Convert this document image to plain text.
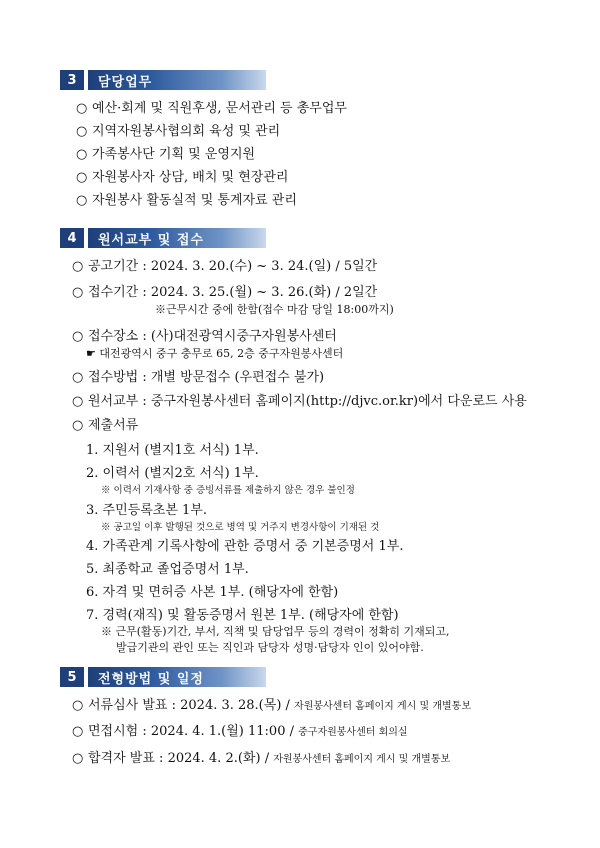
3	담당업무
○ 예산·회계 및 직원후생, 문서관리 등 총무업무
○ 지역자원봉사협의회 육성 및 관리
○ 가족봉사단 기획 및 운영지원
○ 자원봉사자 상담, 배치 및 현장관리
○ 자원봉사 활동실적 및 통계자료 관리
4	원서교부 및 접수
○ 공고기간 : 2024. 3. 20.(수) ~ 3. 24.(일) / 5일간
○ 접수기간 : 2024. 3. 25.(월) ~ 3. 26.(화) / 2일간
※근무시간 중에 한함(접수 마감 당일 18:00까지)
○ 접수장소 : (사)대전광역시중구자원봉사센터
☛ 대전광역시 중구 충무로 65, 2층 중구자원봉사센터
○ 접수방법 : 개별 방문접수 (우편접수 불가)
○ 원서교부 : 중구자원봉사센터 홈페이지(http://djvc.or.kr)에서 다운로드 사용
○ 제출서류
1. 지원서 (별지1호 서식) 1부.
2. 이력서 (별지2호 서식) 1부.
※ 이력서 기재사항 중 증빙서류를 제출하지 않은 경우 불인정
3. 주민등록초본 1부.
※ 공고일 이후 발행된 것으로 병역 및 거주지 변경사항이 기재된 것
4. 가족관계 기록사항에 관한 증명서 중 기본증명서 1부.
5. 최종학교 졸업증명서 1부.
6. 자격 및 면허증 사본 1부. (해당자에 한함)
7. 경력(재직) 및 활동증명서 원본 1부. (해당자에 한함)
※ 근무(활동)기간, 부서, 직책 및 담당업무 등의 경력이 정확히 기재되고,
발급기관의 관인 또는 직인과 담당자 성명·담당자 인이 있어야함.
5	전형방법 및 일정
○ 서류심사 발표 : 2024. 3. 28.(목) / 자원봉사센터 홈페이지 게시 및 개별통보
○ 면접시험 : 2024. 4. 1.(월) 11:00 / 중구자원봉사센터 회의실
○ 합격자 발표 : 2024. 4. 2.(화) / 자원봉사센터 홈페이지 게시 및 개별통보
